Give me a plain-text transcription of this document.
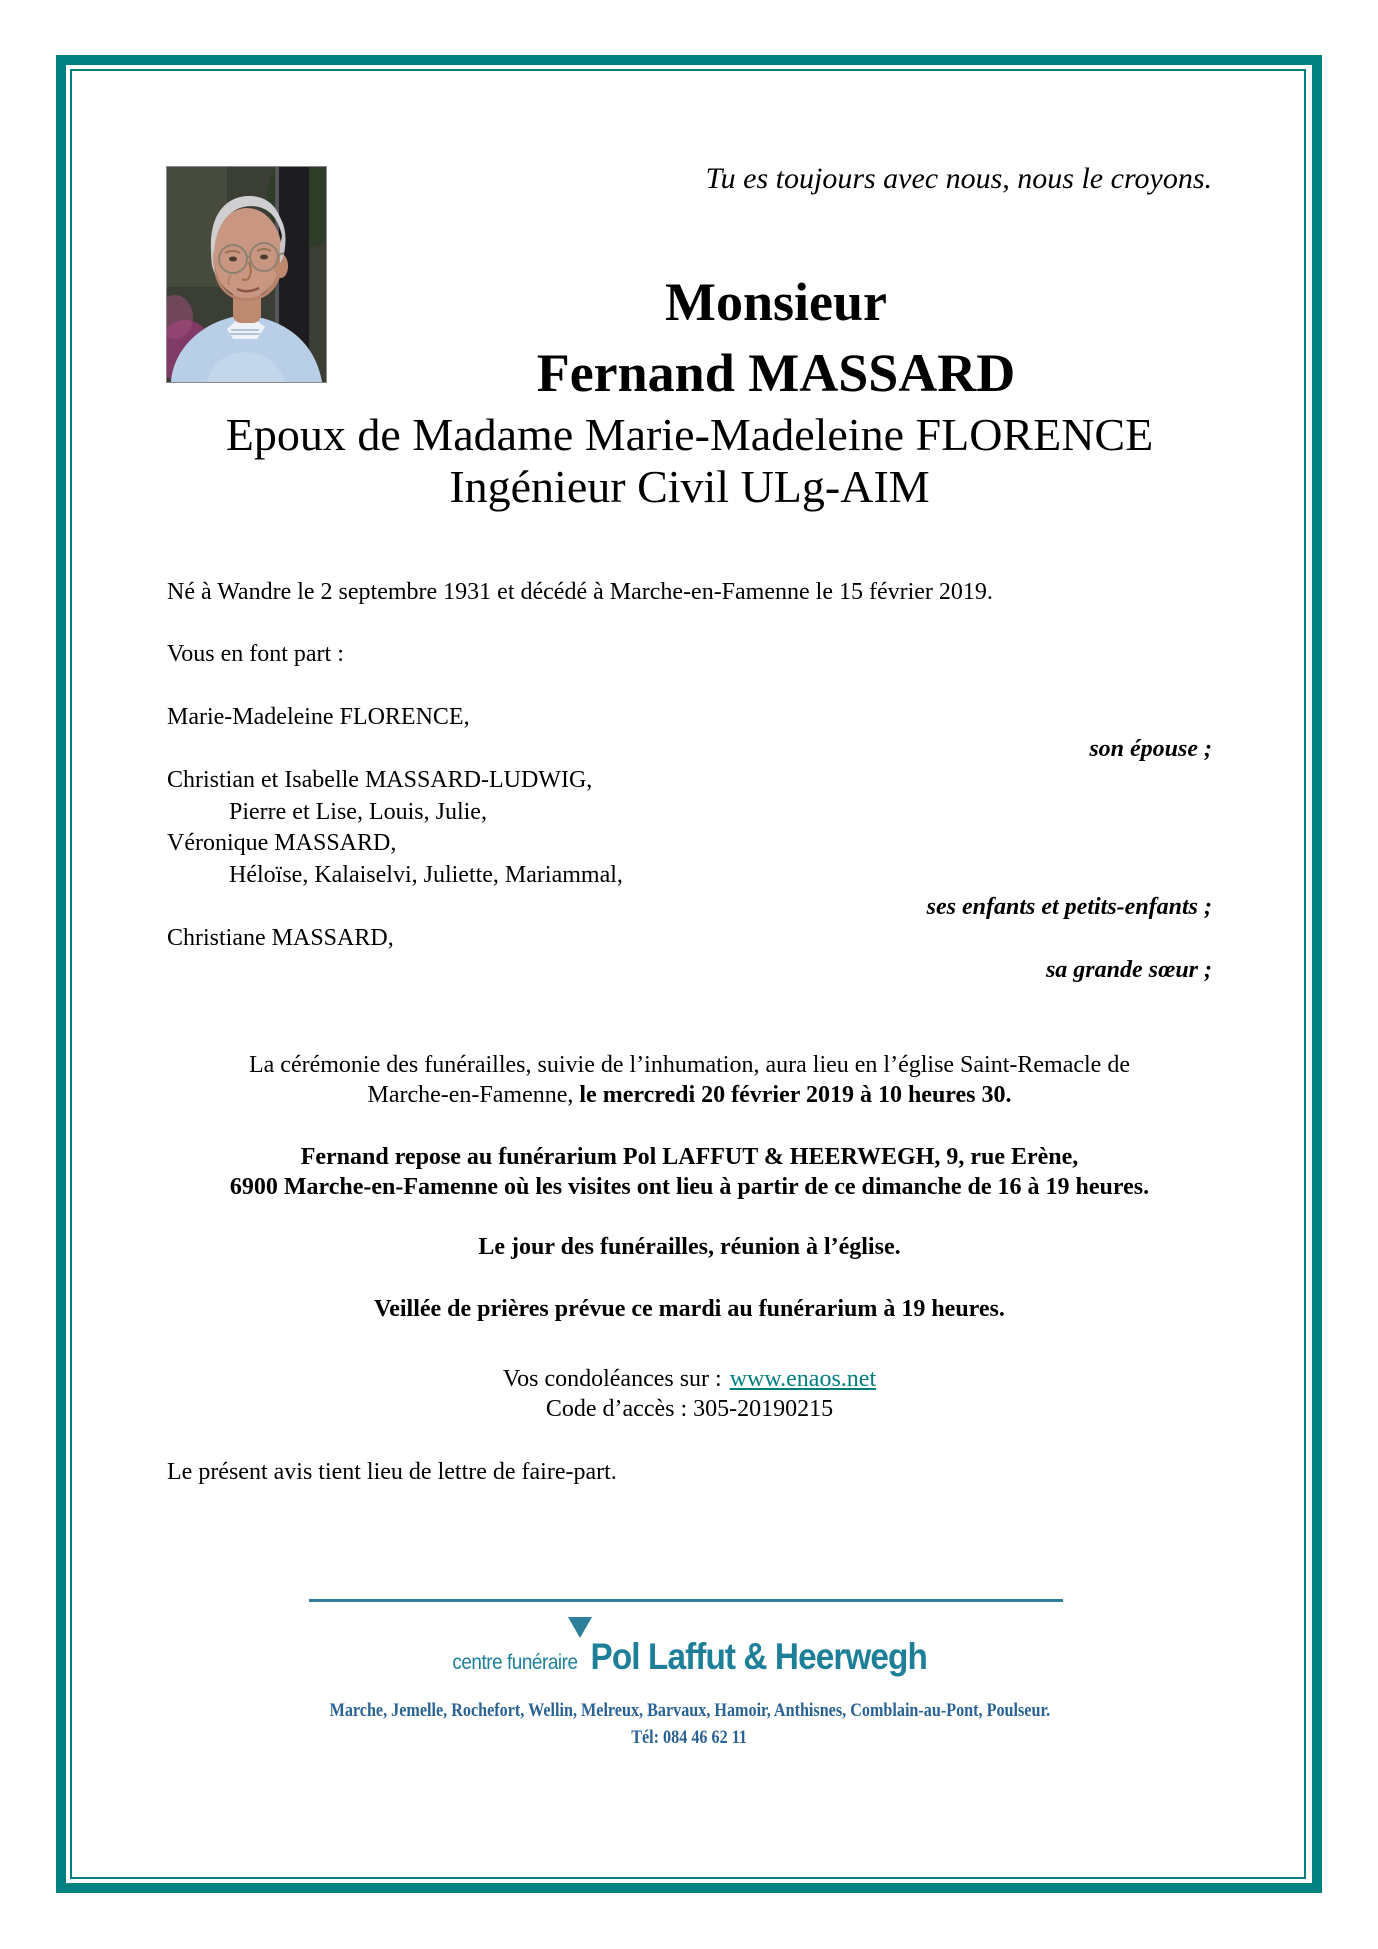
Tu es toujours avec nous, nous le croyons.
Monsieur
Fernand MASSARD
Epoux de Madame Marie-Madeleine FLORENCE
Ingénieur Civil ULg-AIM
Né à Wandre le 2 septembre 1931 et décédé à Marche-en-Famenne le 15 février 2019.
Vous en font part :
Marie-Madeleine FLORENCE,
son épouse ;
Christian et Isabelle MASSARD-LUDWIG,
Pierre et Lise, Louis, Julie,
Véronique MASSARD,
Héloïse, Kalaiselvi, Juliette, Mariammal,
ses enfants et petits-enfants ;
Christiane MASSARD,
sa grande sœur ;
La cérémonie des funérailles, suivie de l’inhumation, aura lieu en l’église Saint-Remacle de
Marche-en-Famenne, le mercredi 20 février 2019 à 10 heures 30.
Fernand repose au funérarium Pol LAFFUT & HEERWEGH, 9, rue Erène,
6900 Marche-en-Famenne où les visites ont lieu à partir de ce dimanche de 16 à 19 heures.
Le jour des funérailles, réunion à l’église.
Veillée de prières prévue ce mardi au funérarium à 19 heures.
Vos condoléances sur : www.enaos.net
Code d’accès : 305-20190215
Le présent avis tient lieu de lettre de faire-part.
centre funéraire Pol Laffut & Heerwegh
Marche, Jemelle, Rochefort, Wellin, Melreux, Barvaux, Hamoir, Anthisnes, Comblain-au-Pont, Poulseur.
Tél: 084 46 62 11
